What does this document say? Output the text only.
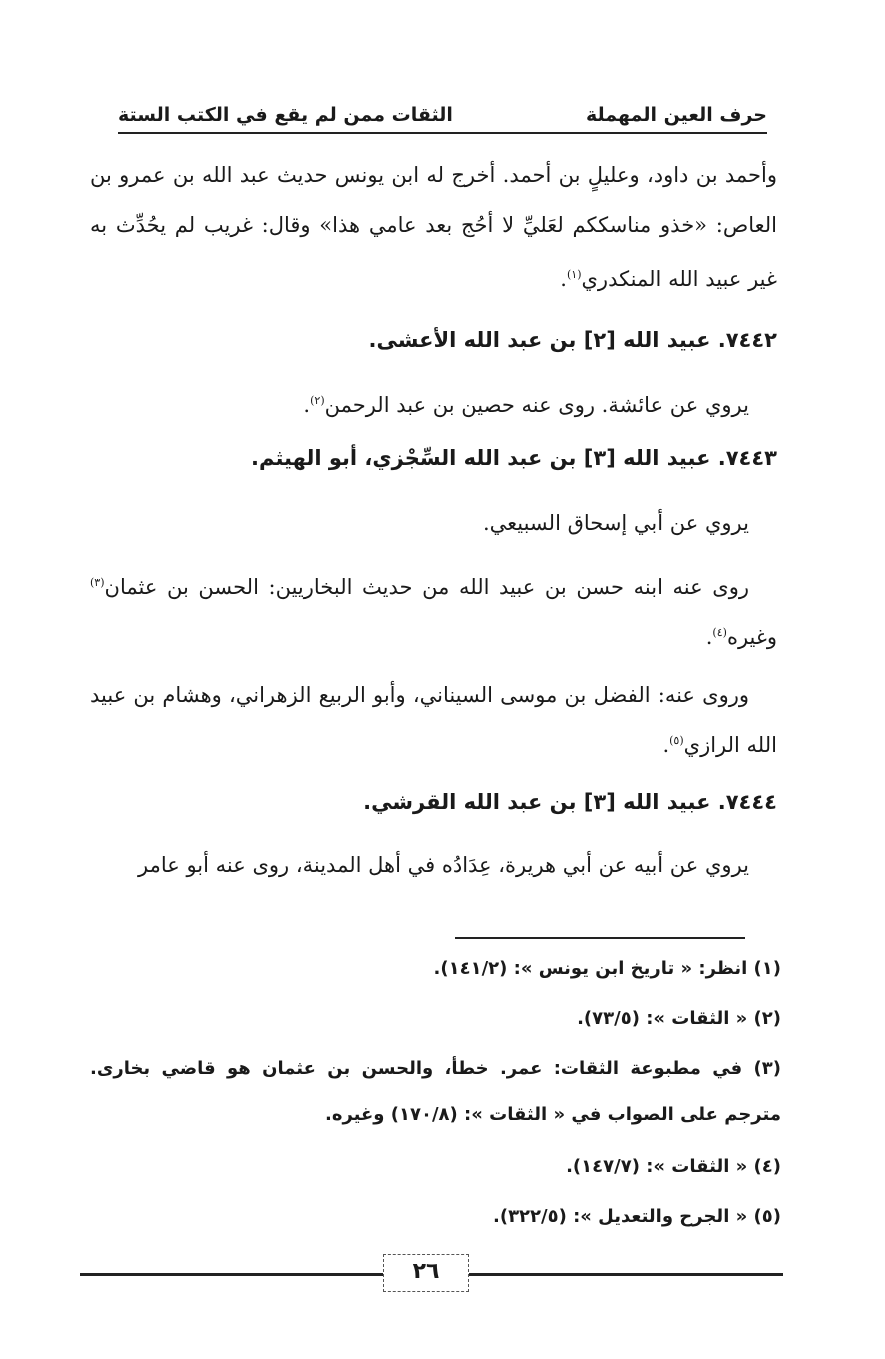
حرف العين المهملة
الثقات ممن لم يقع في الكتب الستة
وأحمد بن داود، وعليلٍ بن أحمد. أخرج له ابن يونس حديث عبد الله بن عمرو بن العاص: «خذو مناسككم لعَليِّ لا أحُج بعد عامي هذا» وقال: غريب لم يحُدِّث به غير عبيد الله المنكدري$^{(١)}$.
٧٤٤٢. عبيد الله [٢] بن عبد الله الأعشى.
يروي عن عائشة. روى عنه حصين بن عبد الرحمن$^{(٢)}$.
٧٤٤٣. عبيد الله [٣] بن عبد الله السِّجْزي، أبو الهيثم.
يروي عن أبي إسحاق السبيعي.
روى عنه ابنه حسن بن عبيد الله من حديث البخاريين: الحسن بن عثمان$^{(٣)}$ وغيره$^{(٤)}$.
وروى عنه: الفضل بن موسى السيناني، وأبو الربيع الزهراني، وهشام بن عبيد الله الرازي$^{(٥)}$.
٧٤٤٤. عبيد الله [٣] بن عبد الله القرشي.
يروي عن أبيه عن أبي هريرة، عِدَادُه في أهل المدينة، روى عنه أبو عامر
(١) انظر: « تاريخ ابن يونس »: (١٤١/٢).
(٢) « الثقات »: (٧٣/٥).
(٣) في مطبوعة الثقات: عمر. خطأ، والحسن بن عثمان هو قاضي بخارى. مترجم على الصواب في « الثقات »: (١٧٠/٨) وغيره.
(٤) « الثقات »: (١٤٧/٧).
(٥) « الجرح والتعديل »: (٣٢٢/٥).
٢٦
